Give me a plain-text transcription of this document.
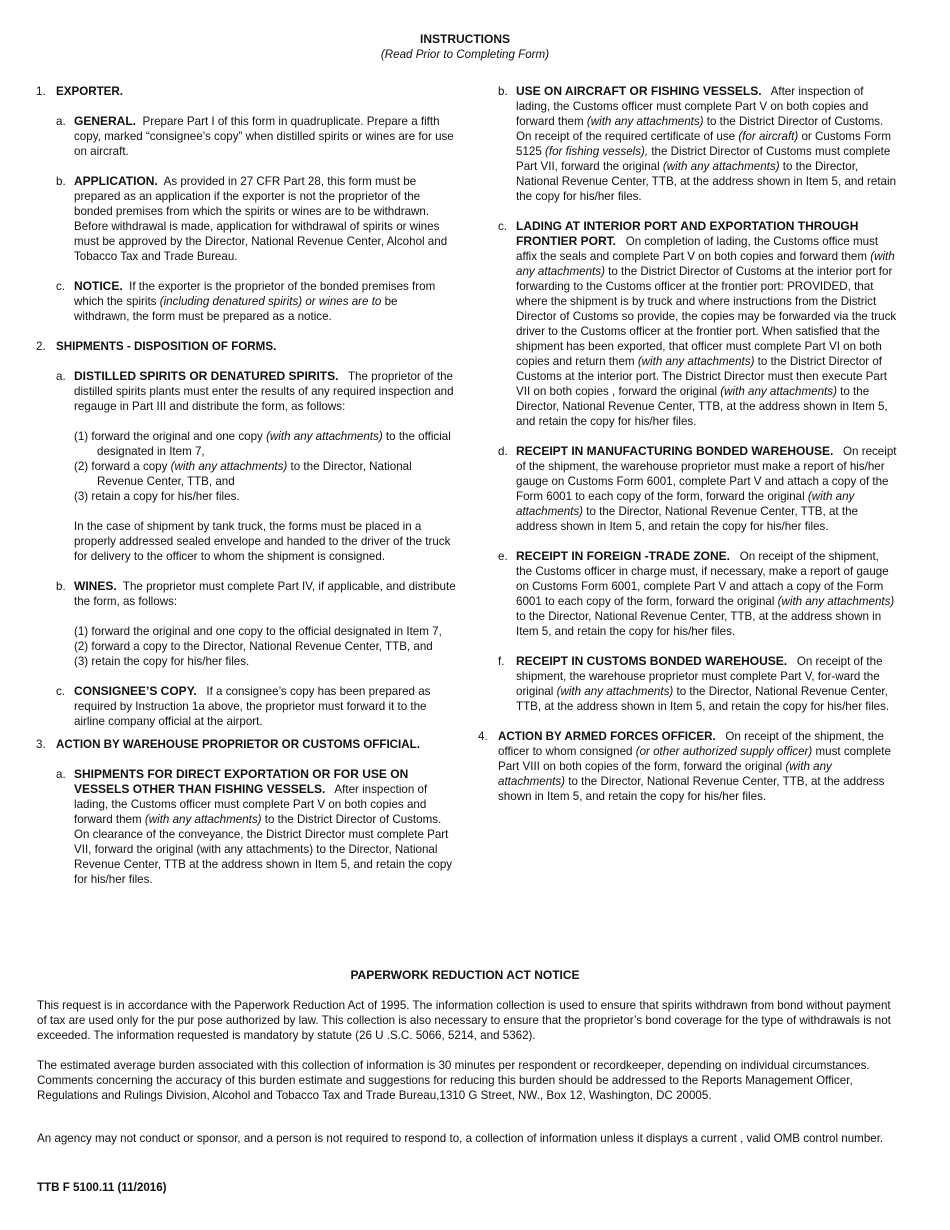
INSTRUCTIONS
(Read Prior to Completing Form)
1. EXPORTER.
a. GENERAL. Prepare Part I of this form in quadruplicate. Prepare a fifth copy, marked “consignee’s copy” when distilled spirits or wines are for use on aircraft.

b. APPLICATION. As provided in 27 CFR Part 28, this form must be prepared as an application if the exporter is not the proprietor of the bonded premises from which the spirits or wines are to be withdrawn. Before withdrawal is made, application for withdrawal of spirits or wines must be approved by the Director, National Revenue Center, Alcohol and Tobacco Tax and Trade Bureau.

c. NOTICE. If the exporter is the proprietor of the bonded premises from which the spirits (including denatured spirits) or wines are to be withdrawn, the form must be prepared as a notice.

2. SHIPMENTS - DISPOSITION OF FORMS.
a. DISTILLED SPIRITS OR DENATURED SPIRITS. The proprietor of the distilled spirits plants must enter the results of any required inspection and regauge in Part III and distribute the form, as follows:

(1) forward the original and one copy (with any attachments) to the official designated in Item 7,

(2) forward a copy (with any attachments) to the Director, National Revenue Center, TTB, and

(3) retain a copy for his/her files.

In the case of shipment by tank truck, the forms must be placed in a properly addressed sealed envelope and handed to the driver of the truck for delivery to the officer to whom the shipment is consigned.

b. WINES. The proprietor must complete Part IV, if applicable, and distribute the form, as follows:

(1) forward the original and one copy to the official designated in Item 7,

(2) forward a copy to the Director, National Revenue Center, TTB, and

(3) retain the copy for his/her files.

c. CONSIGNEE’S COPY. If a consignee’s copy has been prepared as required by Instruction 1a above, the proprietor must forward it to the airline company official at the airport.

3. ACTION BY WAREHOUSE PROPRIETOR OR CUSTOMS OFFICIAL.
a. SHIPMENTS FOR DIRECT EXPORTATION OR FOR USE ON VESSELS OTHER THAN FISHING VESSELS. After inspection of lading, the Customs officer must complete Part V on both copies and forward them (with any attachments) to the District Director of Customs. On clearance of the conveyance, the District Director must complete Part VII, forward the original (with any attachments) to the Director, National Revenue Center, TTB at the address shown in Item 5, and retain the copy for his/her files.

b. USE ON AIRCRAFT OR FISHING VESSELS. After inspection of lading, the Customs officer must complete Part V on both copies and forward them (with any attachments) to the District Director of Customs. On receipt of the required certificate of use (for aircraft) or Customs Form 5125 (for fishing vessels), the District Director of Customs must complete Part VII, forward the original (with any attachments) to the Director, National Revenue Center, TTB, at the address shown in Item 5, and retain the copy for his/her files.

c. LADING AT INTERIOR PORT AND EXPORTATION THROUGH FRONTIER PORT. On completion of lading, the Customs office must affix the seals and complete Part V on both copies and forward them (with any attachments) to the District Director of Customs at the interior port for forwarding to the Customs officer at the frontier port: PROVIDED, that where the shipment is by truck and where instructions from the District Director of Customs so provide, the copies may be forwarded via the truck driver to the Customs officer at the frontier port. When satisfied that the shipment has been exported, that officer must complete Part VI on both copies and return them (with any attachments) to the District Director of Customs at the interior port. The District Director must then execute Part VII on both copies , forward the original (with any attachments) to the Director, National Revenue Center, TTB, at the address shown in Item 5, and retain the copy for his/her files.

d. RECEIPT IN MANUFACTURING BONDED WAREHOUSE. On receipt of the shipment, the warehouse proprietor must make a report of his/her gauge on Customs Form 6001, complete Part V and attach a copy of the Form 6001 to each copy of the form, forward the original (with any attachments) to the Director, National Revenue Center, TTB, at the address shown in Item 5, and retain the copy for his/her files.

e. RECEIPT IN FOREIGN -TRADE ZONE. On receipt of the shipment, the Customs officer in charge must, if necessary, make a report of gauge on Customs Form 6001, complete Part V and attach a copy of the Form 6001 to each copy of the form, forward the original (with any attachments) to the Director, National Revenue Center, TTB, at the address shown in Item 5, and retain the copy for his/her files.

f. RECEIPT IN CUSTOMS BONDED WAREHOUSE. On receipt of the shipment, the warehouse proprietor must complete Part V, for-ward the original (with any attachments) to the Director, National Revenue Center, TTB, at the address shown in Item 5, and retain the copy for his/her files.

4. ACTION BY ARMED FORCES OFFICER. On receipt of the shipment, the officer to whom consigned (or other authorized supply officer) must complete Part VIII on both copies of the form, forward the original (with any attachments) to the Director, National Revenue Center, TTB, at the address shown in Item 5, and retain the copy for his/her files.

PAPERWORK REDUCTION ACT NOTICE

This request is in accordance with the Paperwork Reduction Act of 1995. The information collection is used to ensure that spirits withdrawn from bond without payment of tax are used only for the pur pose authorized by law. This collection is also necessary to ensure that the proprietor’s bond coverage for the type of withdrawals is not exceeded. The information requested is mandatory by statute (26 U .S.C. 5066, 5214, and 5362).

The estimated average burden associated with this collection of information is 30 minutes per respondent or recordkeeper, depending on individual circumstances. Comments concerning the accuracy of this burden estimate and suggestions for reducing this burden should be addressed to the Reports Management Officer, Regulations and Rulings Division, Alcohol and Tobacco Tax and Trade Bureau,1310 G Street, NW., Box 12, Washington, DC 20005.

An agency may not conduct or sponsor, and a person is not required to respond to, a collection of information unless it displays a current , valid OMB control number.

TTB F 5100.11 (11/2016)
